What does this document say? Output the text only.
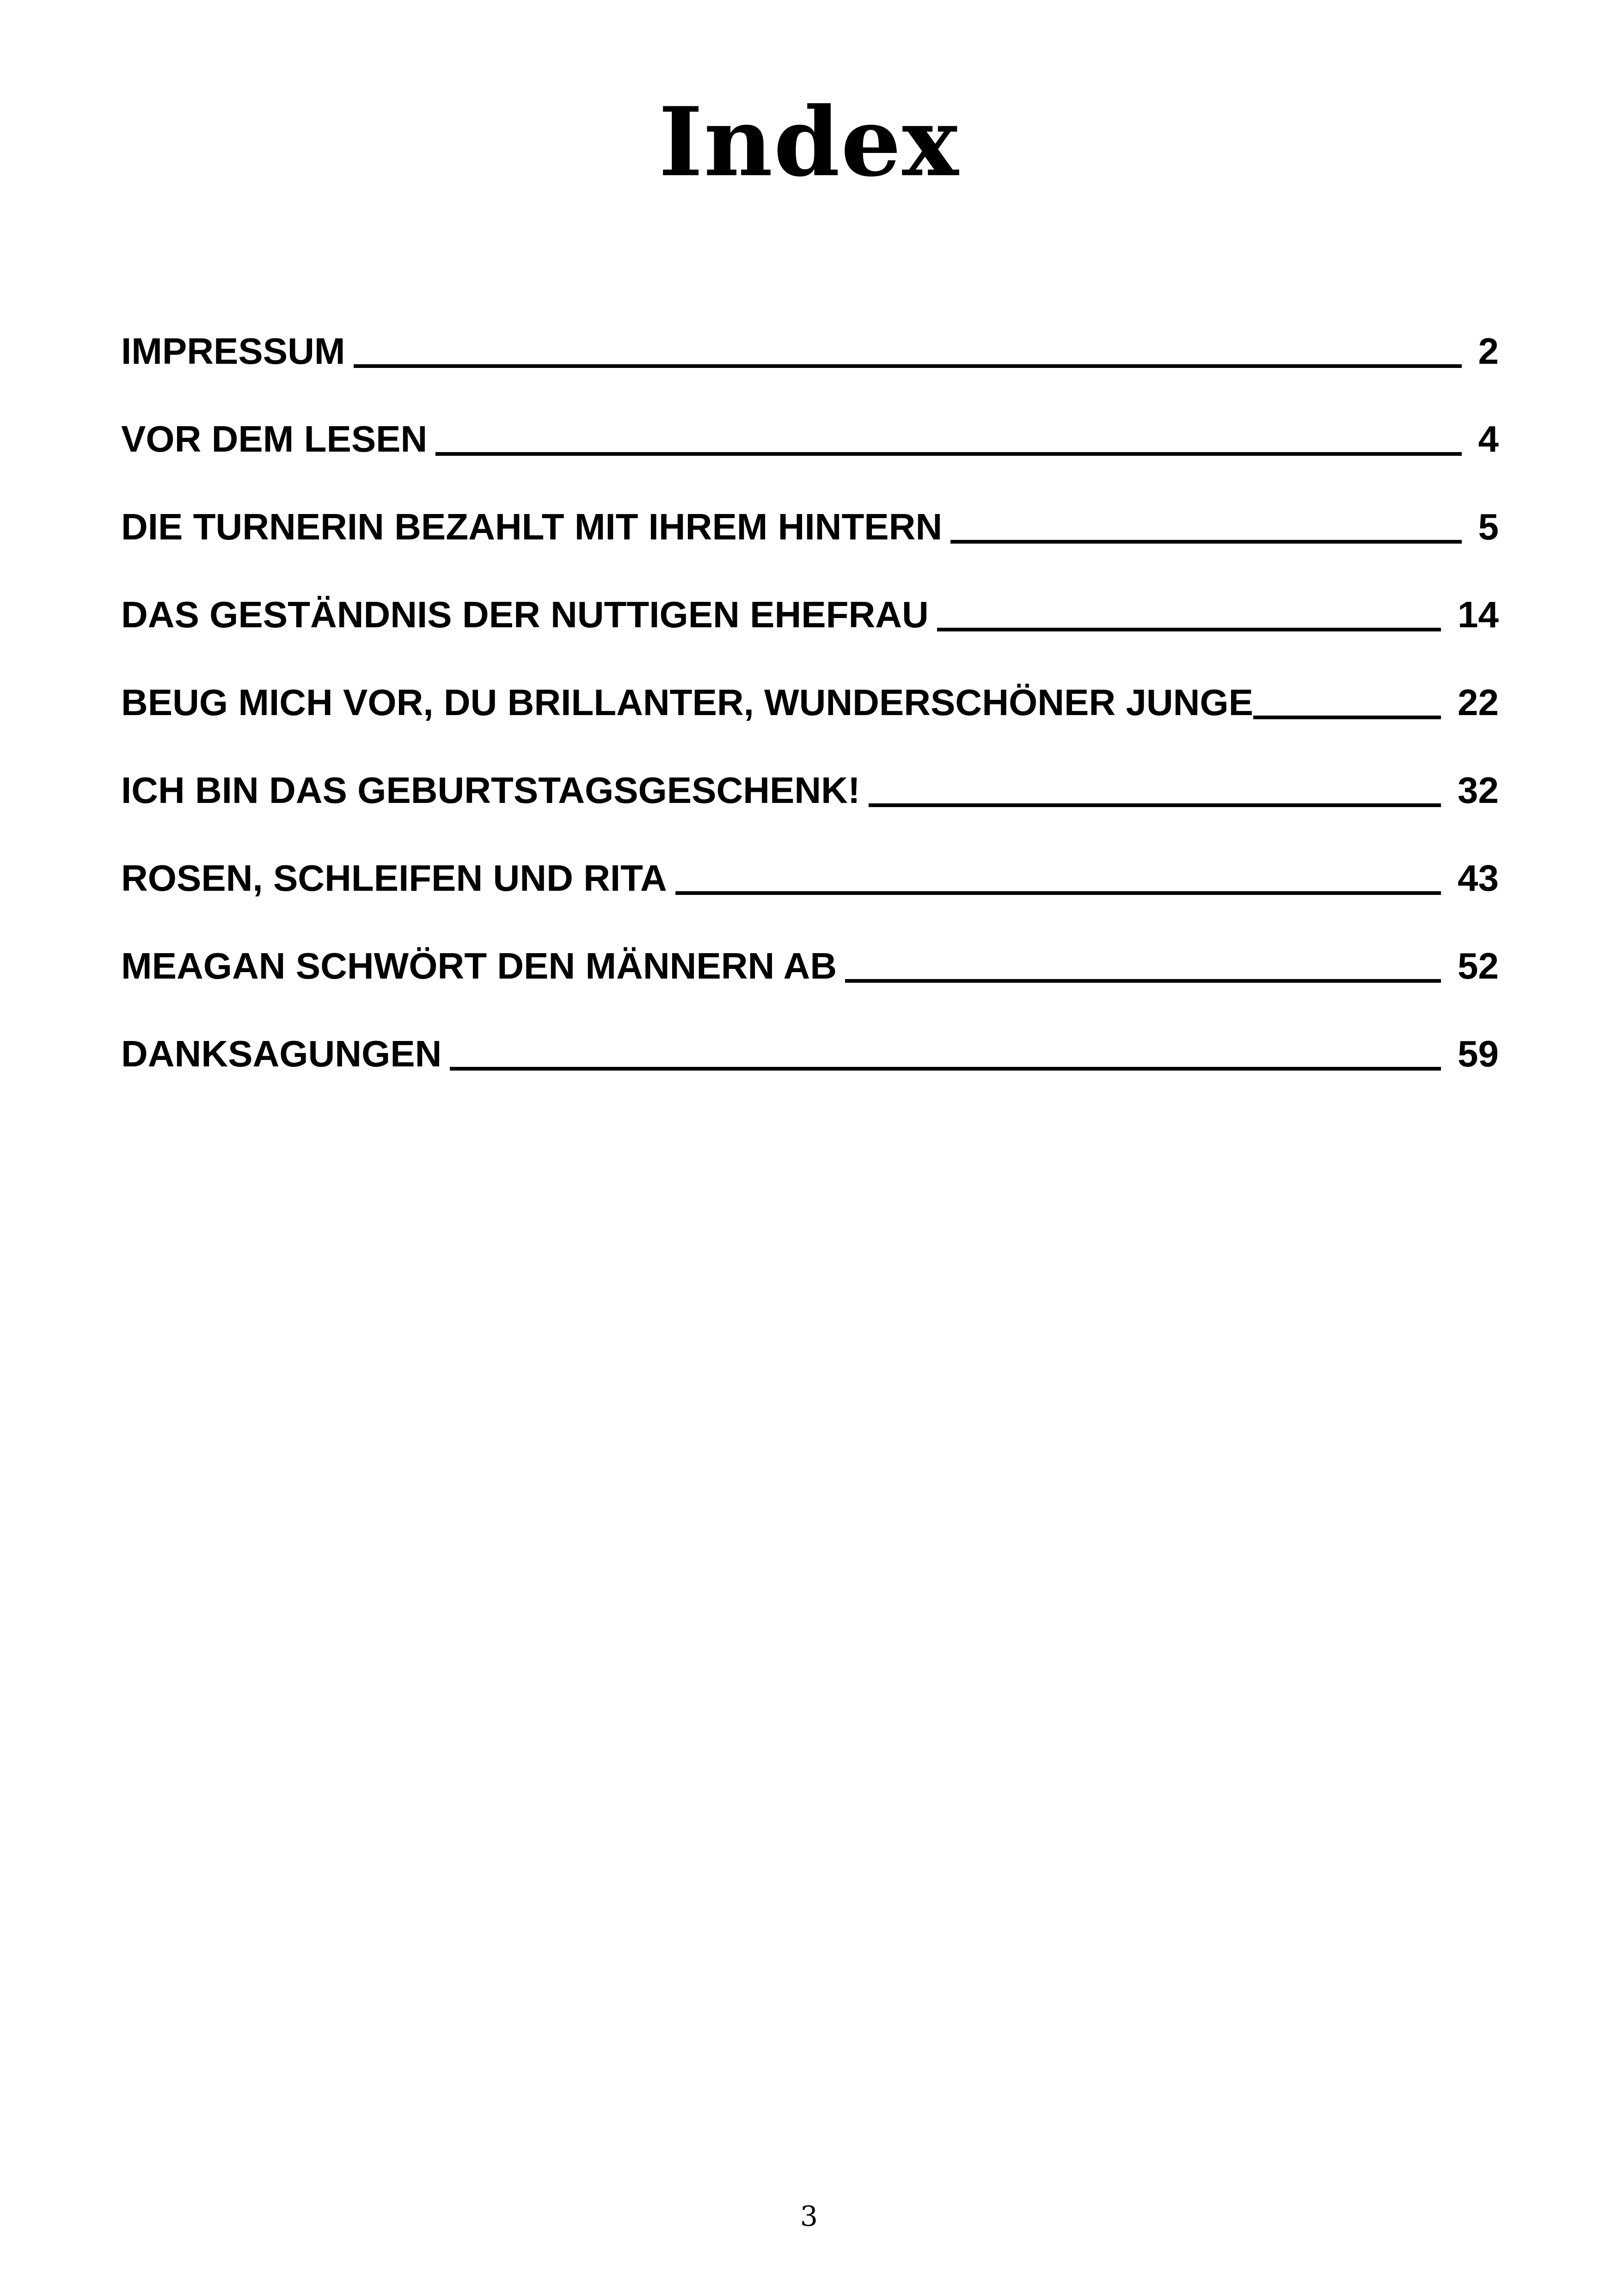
Index
IMPRESSUM	2
VOR DEM LESEN	4
DIE TURNERIN BEZAHLT MIT IHREM HINTERN	5
DAS GESTÄNDNIS DER NUTTIGEN EHEFRAU	14
BEUG MICH VOR, DU BRILLANTER, WUNDERSCHÖNER JUNGE	22
ICH BIN DAS GEBURTSTAGSGESCHENK!	32
ROSEN, SCHLEIFEN UND RITA	43
MEAGAN SCHWÖRT DEN MÄNNERN AB	52
DANKSAGUNGEN	59
3
